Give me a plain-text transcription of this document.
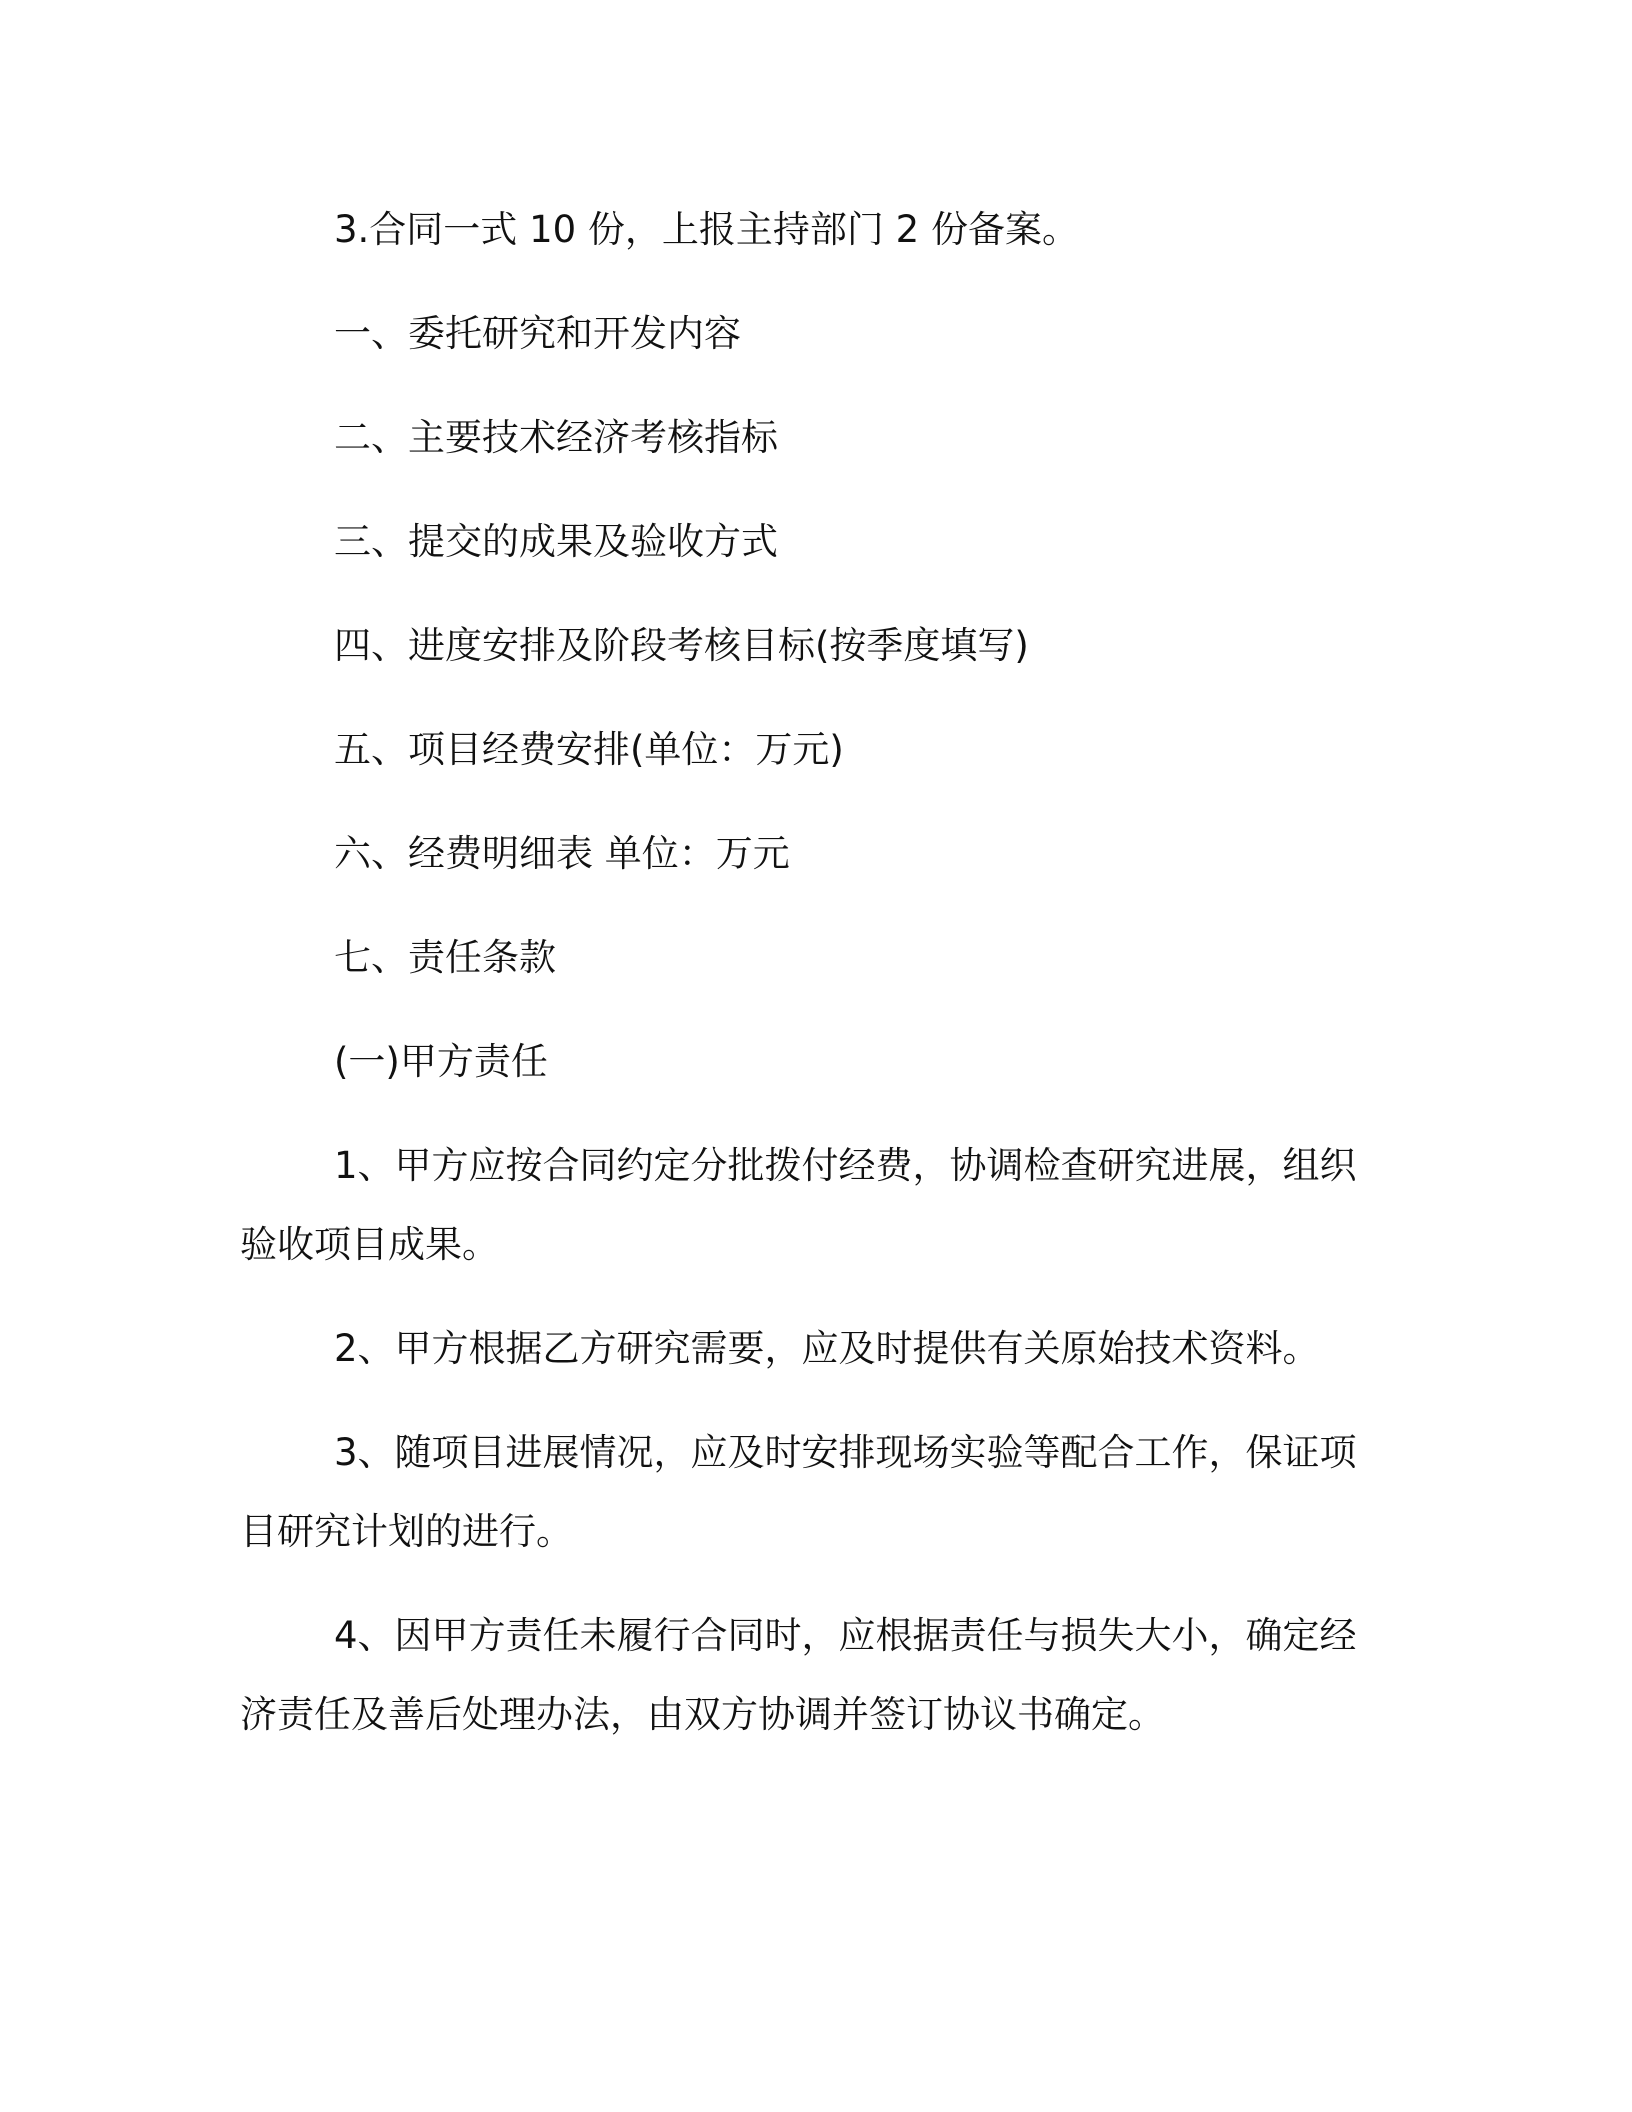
3.合同一式 10 份，上报主持部门 2 份备案。

一、委托研究和开发内容

二、主要技术经济考核指标

三、提交的成果及验收方式

四、进度安排及阶段考核目标(按季度填写)

五、项目经费安排(单位：万元)

六、经费明细表 单位：万元

七、责任条款

(一)甲方责任

1、甲方应按合同约定分批拨付经费，协调检查研究进展，组织验收项目成果。

2、甲方根据乙方研究需要，应及时提供有关原始技术资料。

3、随项目进展情况，应及时安排现场实验等配合工作，保证项目研究计划的进行。

4、因甲方责任未履行合同时，应根据责任与损失大小，确定经济责任及善后处理办法，由双方协调并签订协议书确定。
